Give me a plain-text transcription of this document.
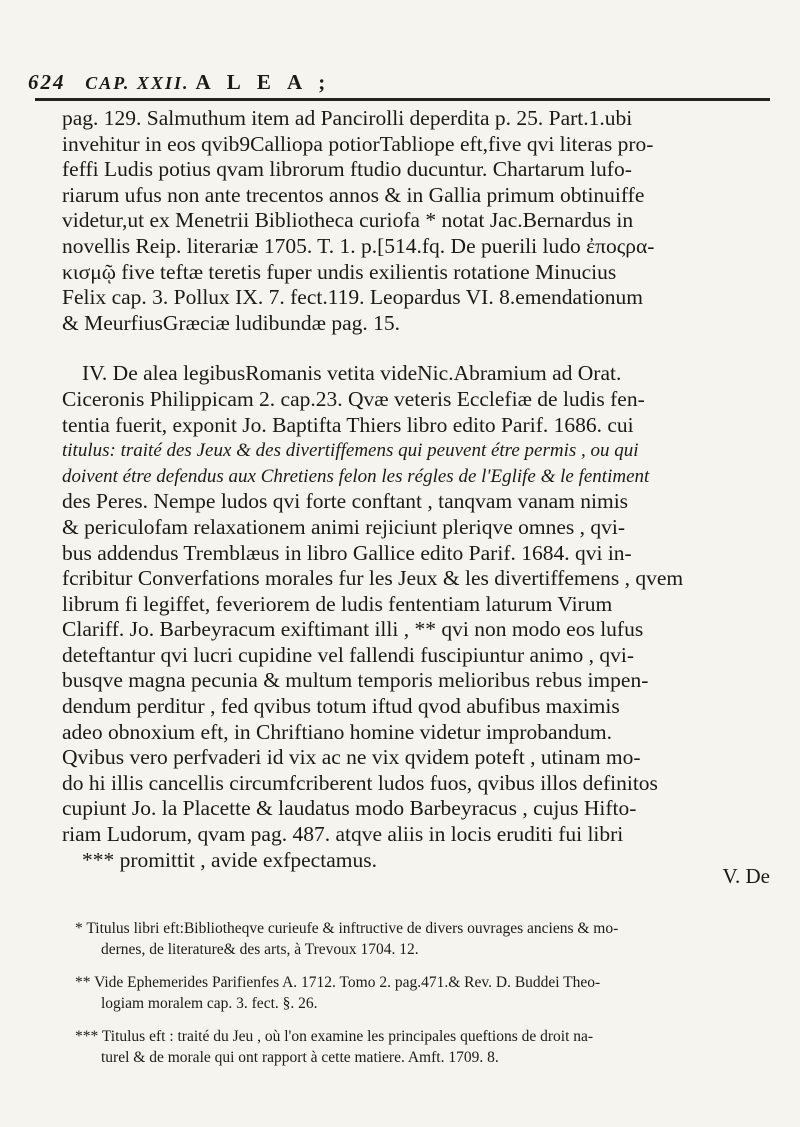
624 CAP. XXII. A L E A ;

pag. 129. Salmuthum item ad Pancirolli deperdita p. 25. Part.1.ubi
invehitur in eos qvib9Calliopa potiorTabliope eft,five qvi literas pro-
feffi Ludis potius qvam librorum ftudio ducuntur. Chartarum lufo-
riarum ufus non ante trecentos annos & in Gallia primum obtinuiffe
videtur,ut ex Menetrii Bibliotheca curiofa * notat Jac.Bernardus in
novellis Reip. literariæ 1705. T. 1. p.[514.fq. De puerili ludo ἐποςρα-
κισμῷ five teftæ teretis fuper undis exilientis rotatione Minucius
Felix cap. 3. Pollux IX. 7. fect.119. Leopardus VI. 8.emendationum
& MeurfiusGræciæ ludibundæ pag. 15.

IV. De alea legibusRomanis vetita videNic.Abramium ad Orat.
Ciceronis Philippicam 2. cap.23. Qvæ veteris Ecclefiæ de ludis fen-
tentia fuerit, exponit Jo. Baptifta Thiers libro edito Parif. 1686. cui
titulus: traité des Jeux & des divertiffemens qui peuvent étre permis , ou qui
doivent étre defendus aux Chretiens felon les régles de l'Eglife & le fentiment
des Peres. Nempe ludos qvi forte conftant , tanqvam vanam nimis
& periculofam relaxationem animi rejiciunt pleriqve omnes , qvi-
bus addendus Tremblæus in libro Gallice edito Parif. 1684. qvi in-
fcribitur Converfations morales fur les Jeux & les divertiffemens , qvem
librum fi legiffet, feveriorem de ludis fententiam laturum Virum
Clariff. Jo. Barbeyracum exiftimant illi , ** qvi non modo eos lufus
deteftantur qvi lucri cupidine vel fallendi fuscipiuntur animo , qvi-
busqve magna pecunia & multum temporis melioribus rebus impen-
dendum perditur , fed qvibus totum iftud qvod abufibus maximis
adeo obnoxium eft, in Chriftiano homine videtur improbandum.
Qvibus vero perfvaderi id vix ac ne vix qvidem poteft , utinam mo-
do hi illis cancellis circumfcriberent ludos fuos, qvibus illos definitos
cupiunt Jo. la Placette & laudatus modo Barbeyracus , cujus Hifto-
riam Ludorum, qvam pag. 487. atqve aliis in locis eruditi fui libri
*** promittit , avide exfpectamus.

V. De
* Titulus libri eft:Bibliotheqve curieufe & inftructive de divers ouvrages anciens & mo-
dernes, de literature& des arts, à Trevoux 1704. 12.
** Vide Ephemerides Parifienfes A. 1712. Tomo 2. pag.471.& Rev. D. Buddei Theo-
logiam moralem cap. 3. fect. §. 26.
*** Titulus eft : traité du Jeu , où l'on examine les principales queftions de droit na-
turel & de morale qui ont rapport à cette matiere. Amft. 1709. 8.
